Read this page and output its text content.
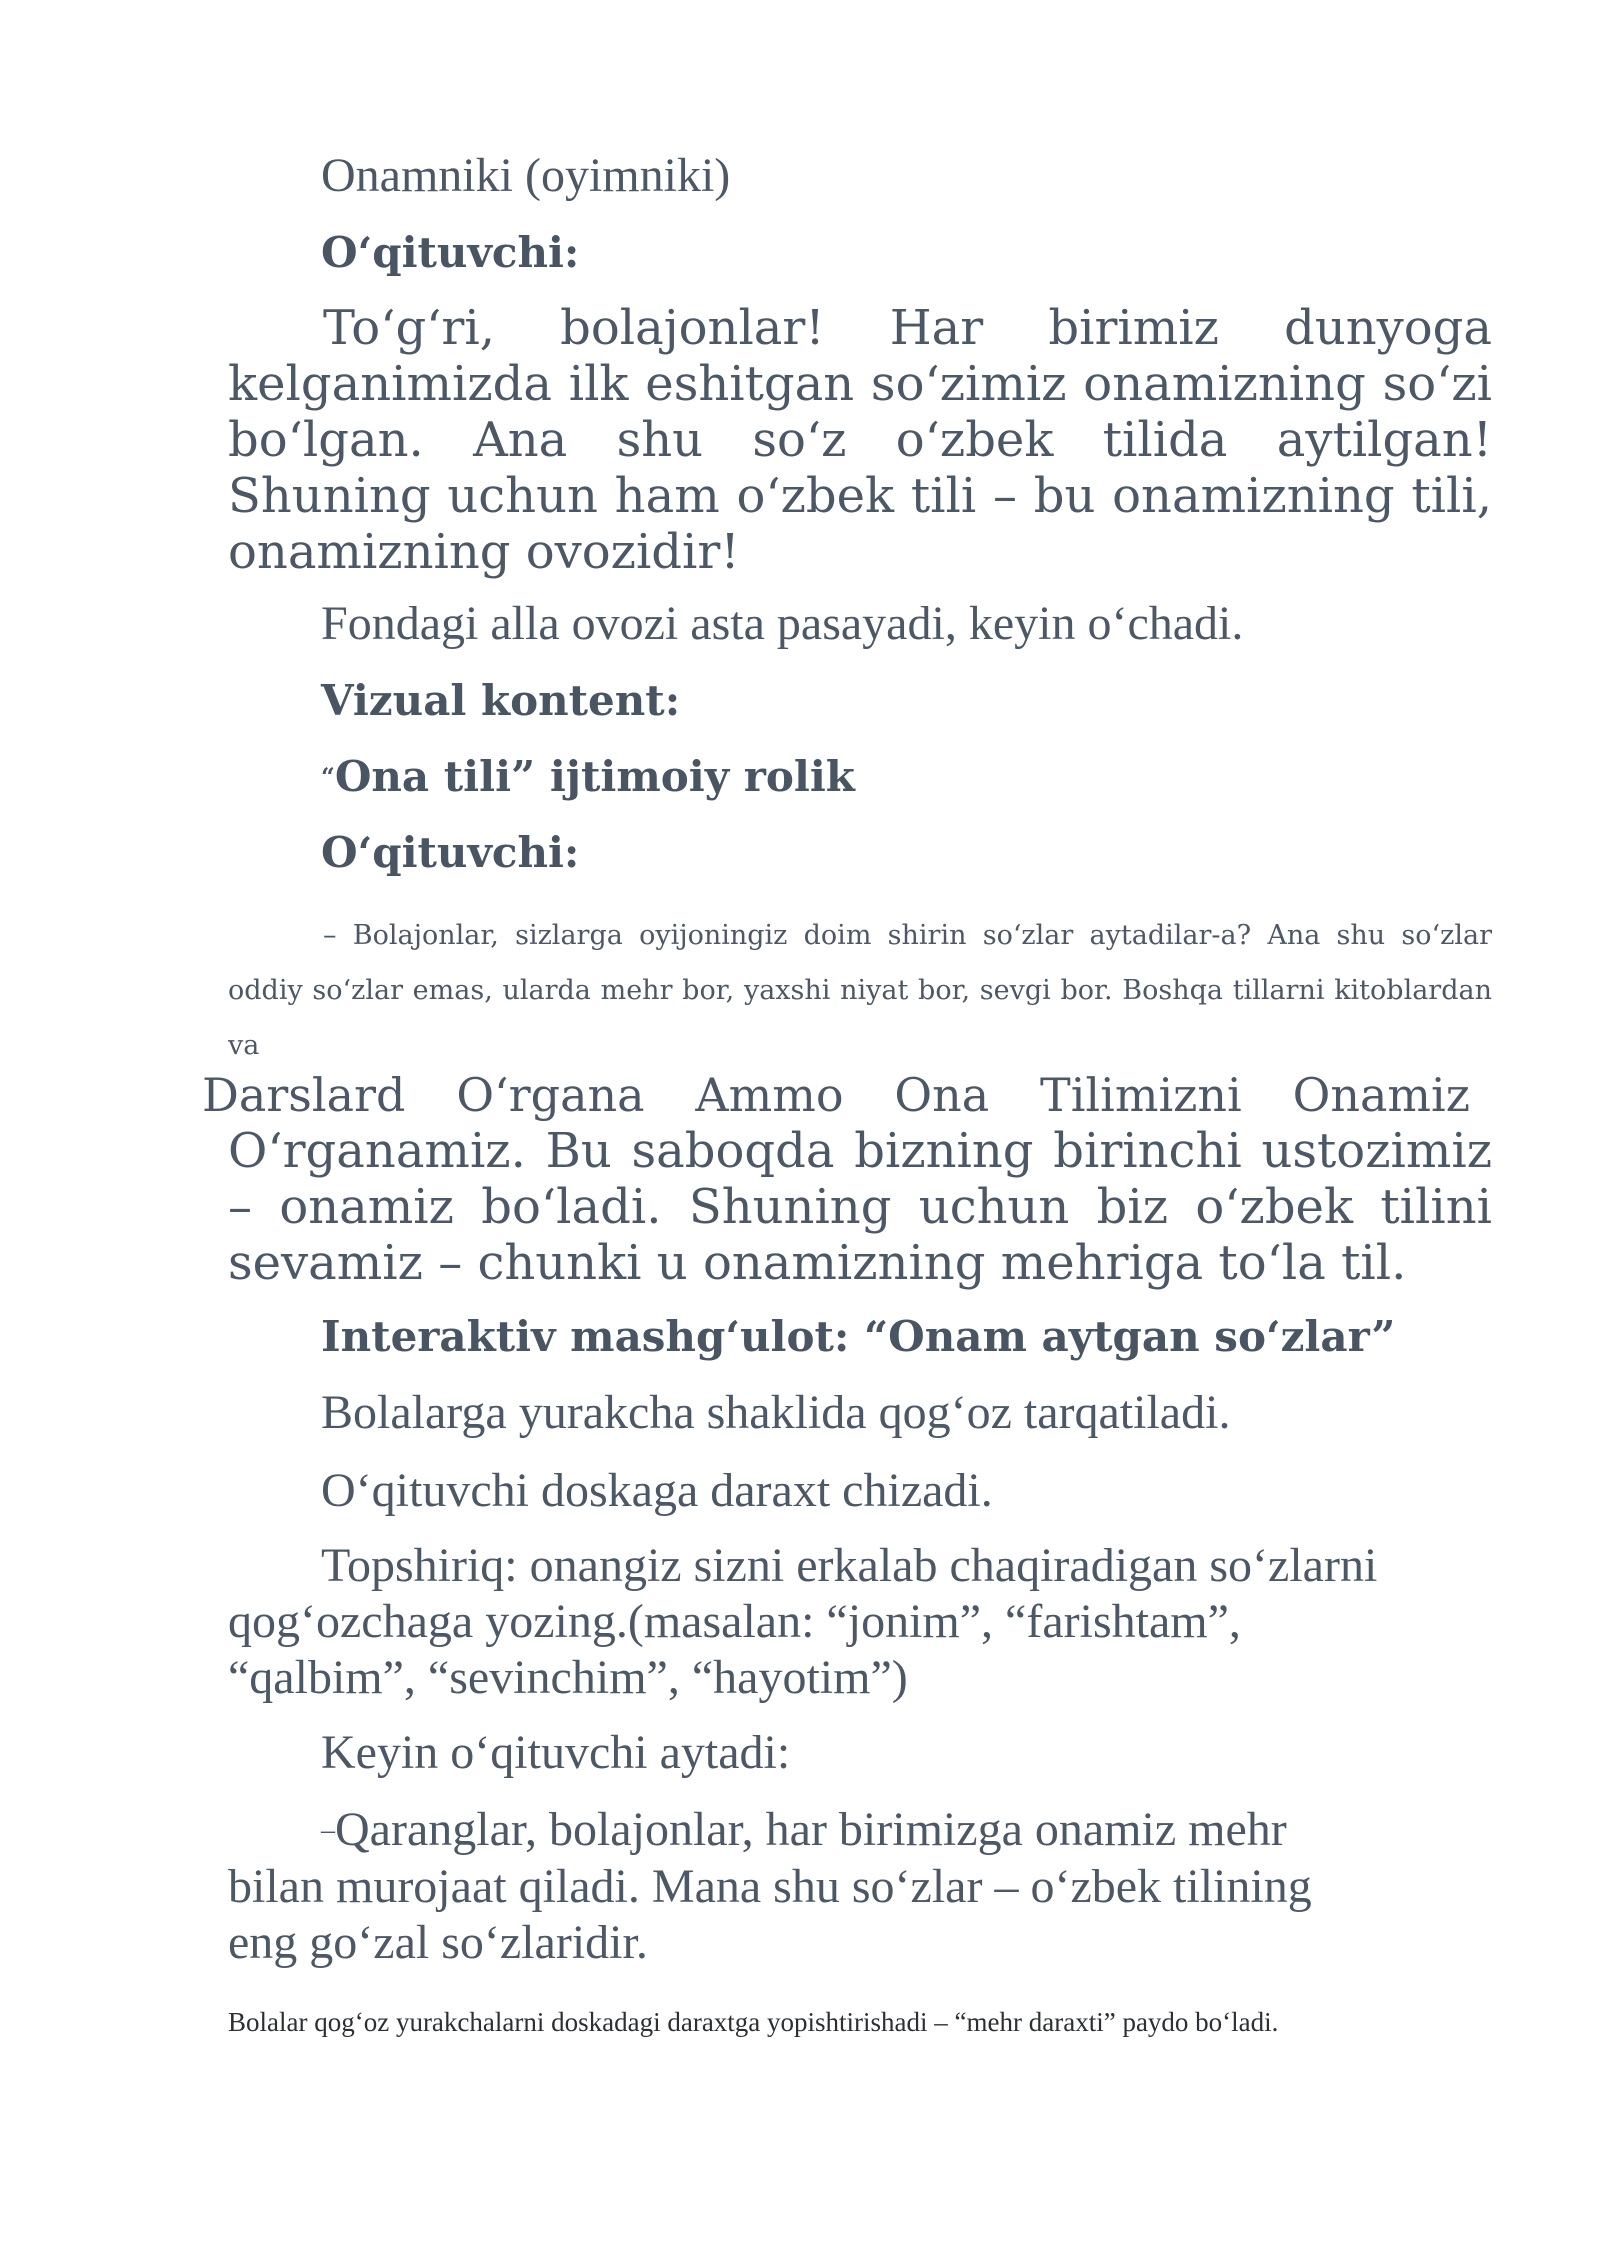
Onamniki (oyimniki)

O‘qituvchi:

To‘g‘ri, bolajonlar! Har birimiz dunyoga kelganimizda ilk eshitgan so‘zimiz onamizning so‘zi bo‘lgan. Ana shu so‘z o‘zbek tilida aytilgan! Shuning uchun ham o‘zbek tili – bu onamizning tili, onamizning ovozidir!

Fondagi alla ovozi asta pasayadi, keyin o‘chadi.

Vizual kontent:

“Ona tili” ijtimoiy rolik

O‘qituvchi:

– Bolajonlar, sizlarga oyijoningiz doim shirin so‘zlar aytadilar-a? Ana shu so‘zlar oddiy so‘zlar emas, ularda mehr bor, yaxshi niyat bor, sevgi bor. Boshqa tillarni kitoblardan va

Darslard O‘rgana Ammo Ona Tilimizni Onamiz

O‘rganamiz. Bu saboqda bizning birinchi ustozimiz – onamiz bo‘ladi. Shuning uchun biz o‘zbek tilini sevamiz – chunki u onamizning mehriga to‘la til.

Interaktiv mashg‘ulot: “Onam aytgan so‘zlar”

Bolalarga yurakcha shaklida qog‘oz tarqatiladi.

O‘qituvchi doskaga daraxt chizadi.

Topshiriq: onangiz sizni erkalab chaqiradigan so‘zlarni qog‘ozchaga yozing.(masalan: “jonim”, “farishtam”, “qalbim”, “sevinchim”, “hayotim”)

Keyin o‘qituvchi aytadi:

–Qaranglar, bolajonlar, har birimizga onamiz mehr bilan murojaat qiladi. Mana shu so‘zlar – o‘zbek tilining eng go‘zal so‘zlaridir.

Bolalar qog‘oz yurakchalarni doskadagi daraxtga yopishtirishadi – “mehr daraxti” paydo bo‘ladi.
